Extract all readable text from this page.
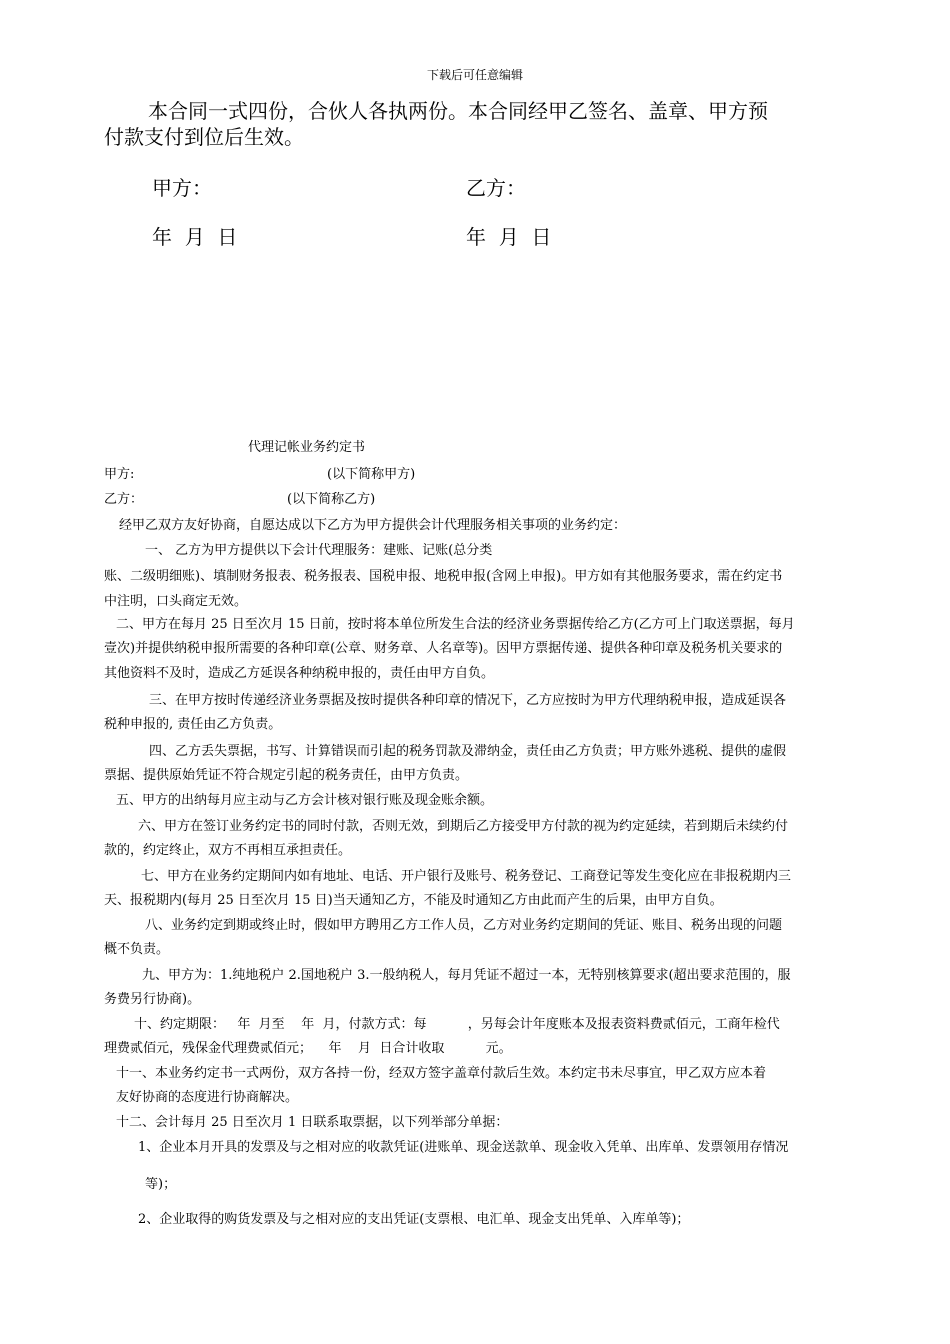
下载后可任意编辑
本合同一式四份，合伙人各执两份。本合同经甲乙签名、盖章、甲方预
付款支付到位后生效。
甲方：	乙方：
年  月  日	年  月  日
代理记帐业务约定书
甲方:	(以下简称甲方)
乙方：	(以下简称乙方)
经甲乙双方友好协商，自愿达成以下乙方为甲方提供会计代理服务相关事项的业务约定：
一、 乙方为甲方提供以下会计代理服务：建账、记账(总分类
账、二级明细账)、填制财务报表、税务报表、国税申报、地税申报(含网上申报)。甲方如有其他服务要求，需在约定书
中注明，口头商定无效。
二、甲方在每月 25 日至次月 15 日前，按时将本单位所发生合法的经济业务票据传给乙方(乙方可上门取送票据，每月
壹次)并提供纳税申报所需要的各种印章(公章、财务章、人名章等)。因甲方票据传递、提供各种印章及税务机关要求的
其他资料不及时，造成乙方延误各种纳税申报的，责任由甲方自负。
三、在甲方按时传递经济业务票据及按时提供各种印章的情况下，乙方应按时为甲方代理纳税申报，造成延误各
税种申报的, 责任由乙方负责。
四、乙方丢失票据，书写、计算错误而引起的税务罚款及滞纳金，责任由乙方负责；甲方账外逃税、提供的虚假
票据、提供原始凭证不符合规定引起的税务责任，由甲方负责。
五、甲方的出纳每月应主动与乙方会计核对银行账及现金账余额。
六、甲方在签订业务约定书的同时付款，否则无效，到期后乙方接受甲方付款的视为约定延续，若到期后未续约付
款的，约定终止，双方不再相互承担责任。
七、甲方在业务约定期间内如有地址、电话、开户银行及账号、税务登记、工商登记等发生变化应在非报税期内三
天、报税期内(每月 25 日至次月 15 日)当天通知乙方，不能及时通知乙方由此而产生的后果，由甲方自负。
八、业务约定到期或终止时，假如甲方聘用乙方工作人员，乙方对业务约定期间的凭证、账目、税务出现的问题
概不负责。
九、甲方为：1.纯地税户 2.国地税户 3.一般纳税人，每月凭证不超过一本，无特别核算要求(超出要求范围的，服
务费另行协商)。
十、约定期限：   年  月至    年  月，付款方式：每          ，另每会计年度账本及报表资料费贰佰元，工商年检代
理费贰佰元，残保金代理费贰佰元；    年    月  日合计收取          元。
十一、本业务约定书一式两份，双方各持一份，经双方签字盖章付款后生效。本约定书未尽事宜，甲乙双方应本着
友好协商的态度进行协商解决。
十二、会计每月 25 日至次月 1 日联系取票据，以下列举部分单据：
1、企业本月开具的发票及与之相对应的收款凭证(进账单、现金送款单、现金收入凭单、出库单、发票领用存情况
等)；
2、企业取得的购货发票及与之相对应的支出凭证(支票根、电汇单、现金支出凭单、入库单等)；
